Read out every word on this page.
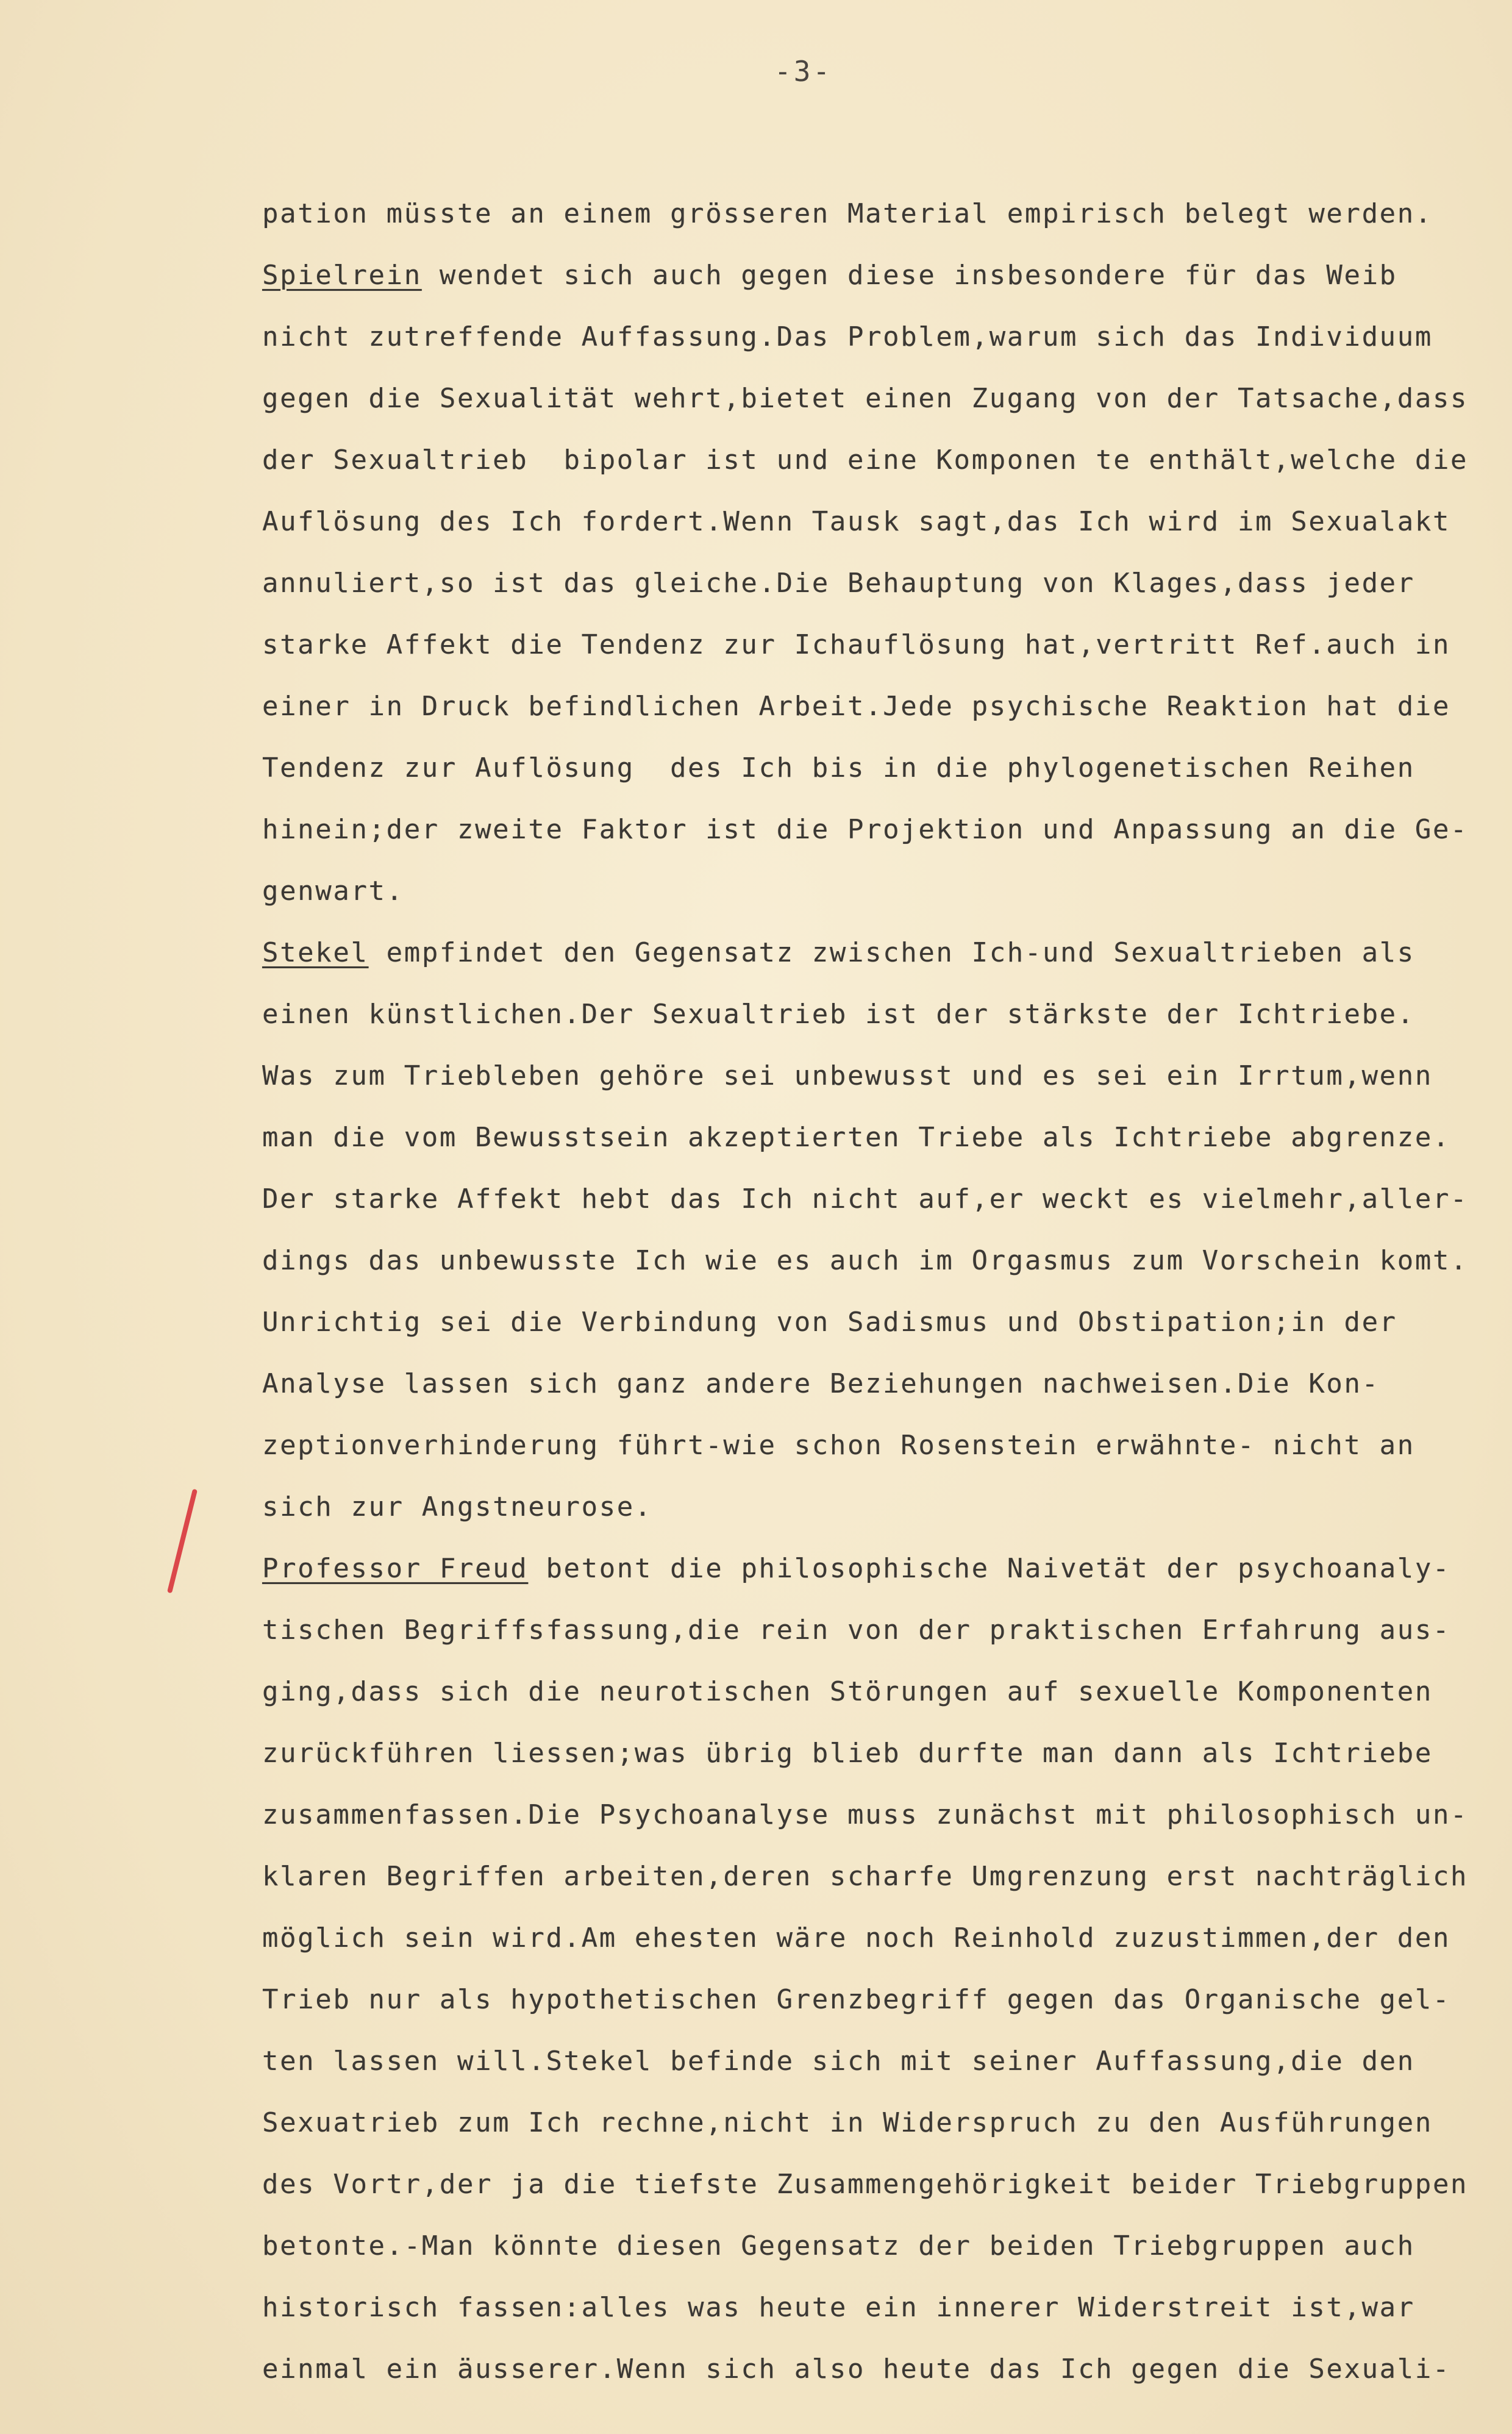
-3-
pation müsste an einem grösseren Material empirisch belegt werden.
Spielrein wendet sich auch gegen diese insbesondere für das Weib
nicht zutreffende Auffassung.Das Problem,warum sich das Individuum
gegen die Sexualität wehrt,bietet einen Zugang von der Tatsache,dass
der Sexualtrieb  bipolar ist und eine Komponen te enthält,welche die
Auflösung des Ich fordert.Wenn Tausk sagt,das Ich wird im Sexualakt
annuliert,so ist das gleiche.Die Behauptung von Klages,dass jeder
starke Affekt die Tendenz zur Ichauflösung hat,vertritt Ref.auch in
einer in Druck befindlichen Arbeit.Jede psychische Reaktion hat die
Tendenz zur Auflösung  des Ich bis in die phylogenetischen Reihen
hinein;der zweite Faktor ist die Projektion und Anpassung an die Ge-
genwart.
Stekel empfindet den Gegensatz zwischen Ich-und Sexualtrieben als
einen künstlichen.Der Sexualtrieb ist der stärkste der Ichtriebe.
Was zum Triebleben gehöre sei unbewusst und es sei ein Irrtum,wenn
man die vom Bewusstsein akzeptierten Triebe als Ichtriebe abgrenze.
Der starke Affekt hebt das Ich nicht auf,er weckt es vielmehr,aller-
dings das unbewusste Ich wie es auch im Orgasmus zum Vorschein komt.
Unrichtig sei die Verbindung von Sadismus und Obstipation;in der
Analyse lassen sich ganz andere Beziehungen nachweisen.Die Kon-
zeptionverhinderung führt-wie schon Rosenstein erwähnte- nicht an
sich zur Angstneurose.
Professor Freud betont die philosophische Naivetät der psychoanaly-
tischen Begriffsfassung,die rein von der praktischen Erfahrung aus-
ging,dass sich die neurotischen Störungen auf sexuelle Komponenten
zurückführen liessen;was übrig blieb durfte man dann als Ichtriebe
zusammenfassen.Die Psychoanalyse muss zunächst mit philosophisch un-
klaren Begriffen arbeiten,deren scharfe Umgrenzung erst nachträglich
möglich sein wird.Am ehesten wäre noch Reinhold zuzustimmen,der den
Trieb nur als hypothetischen Grenzbegriff gegen das Organische gel-
ten lassen will.Stekel befinde sich mit seiner Auffassung,die den
Sexuatrieb zum Ich rechne,nicht in Widerspruch zu den Ausführungen
des Vortr,der ja die tiefste Zusammengehörigkeit beider Triebgruppen
betonte.-Man könnte diesen Gegensatz der beiden Triebgruppen auch
historisch fassen:alles was heute ein innerer Widerstreit ist,war
einmal ein äusserer.Wenn sich also heute das Ich gegen die Sexuali-
